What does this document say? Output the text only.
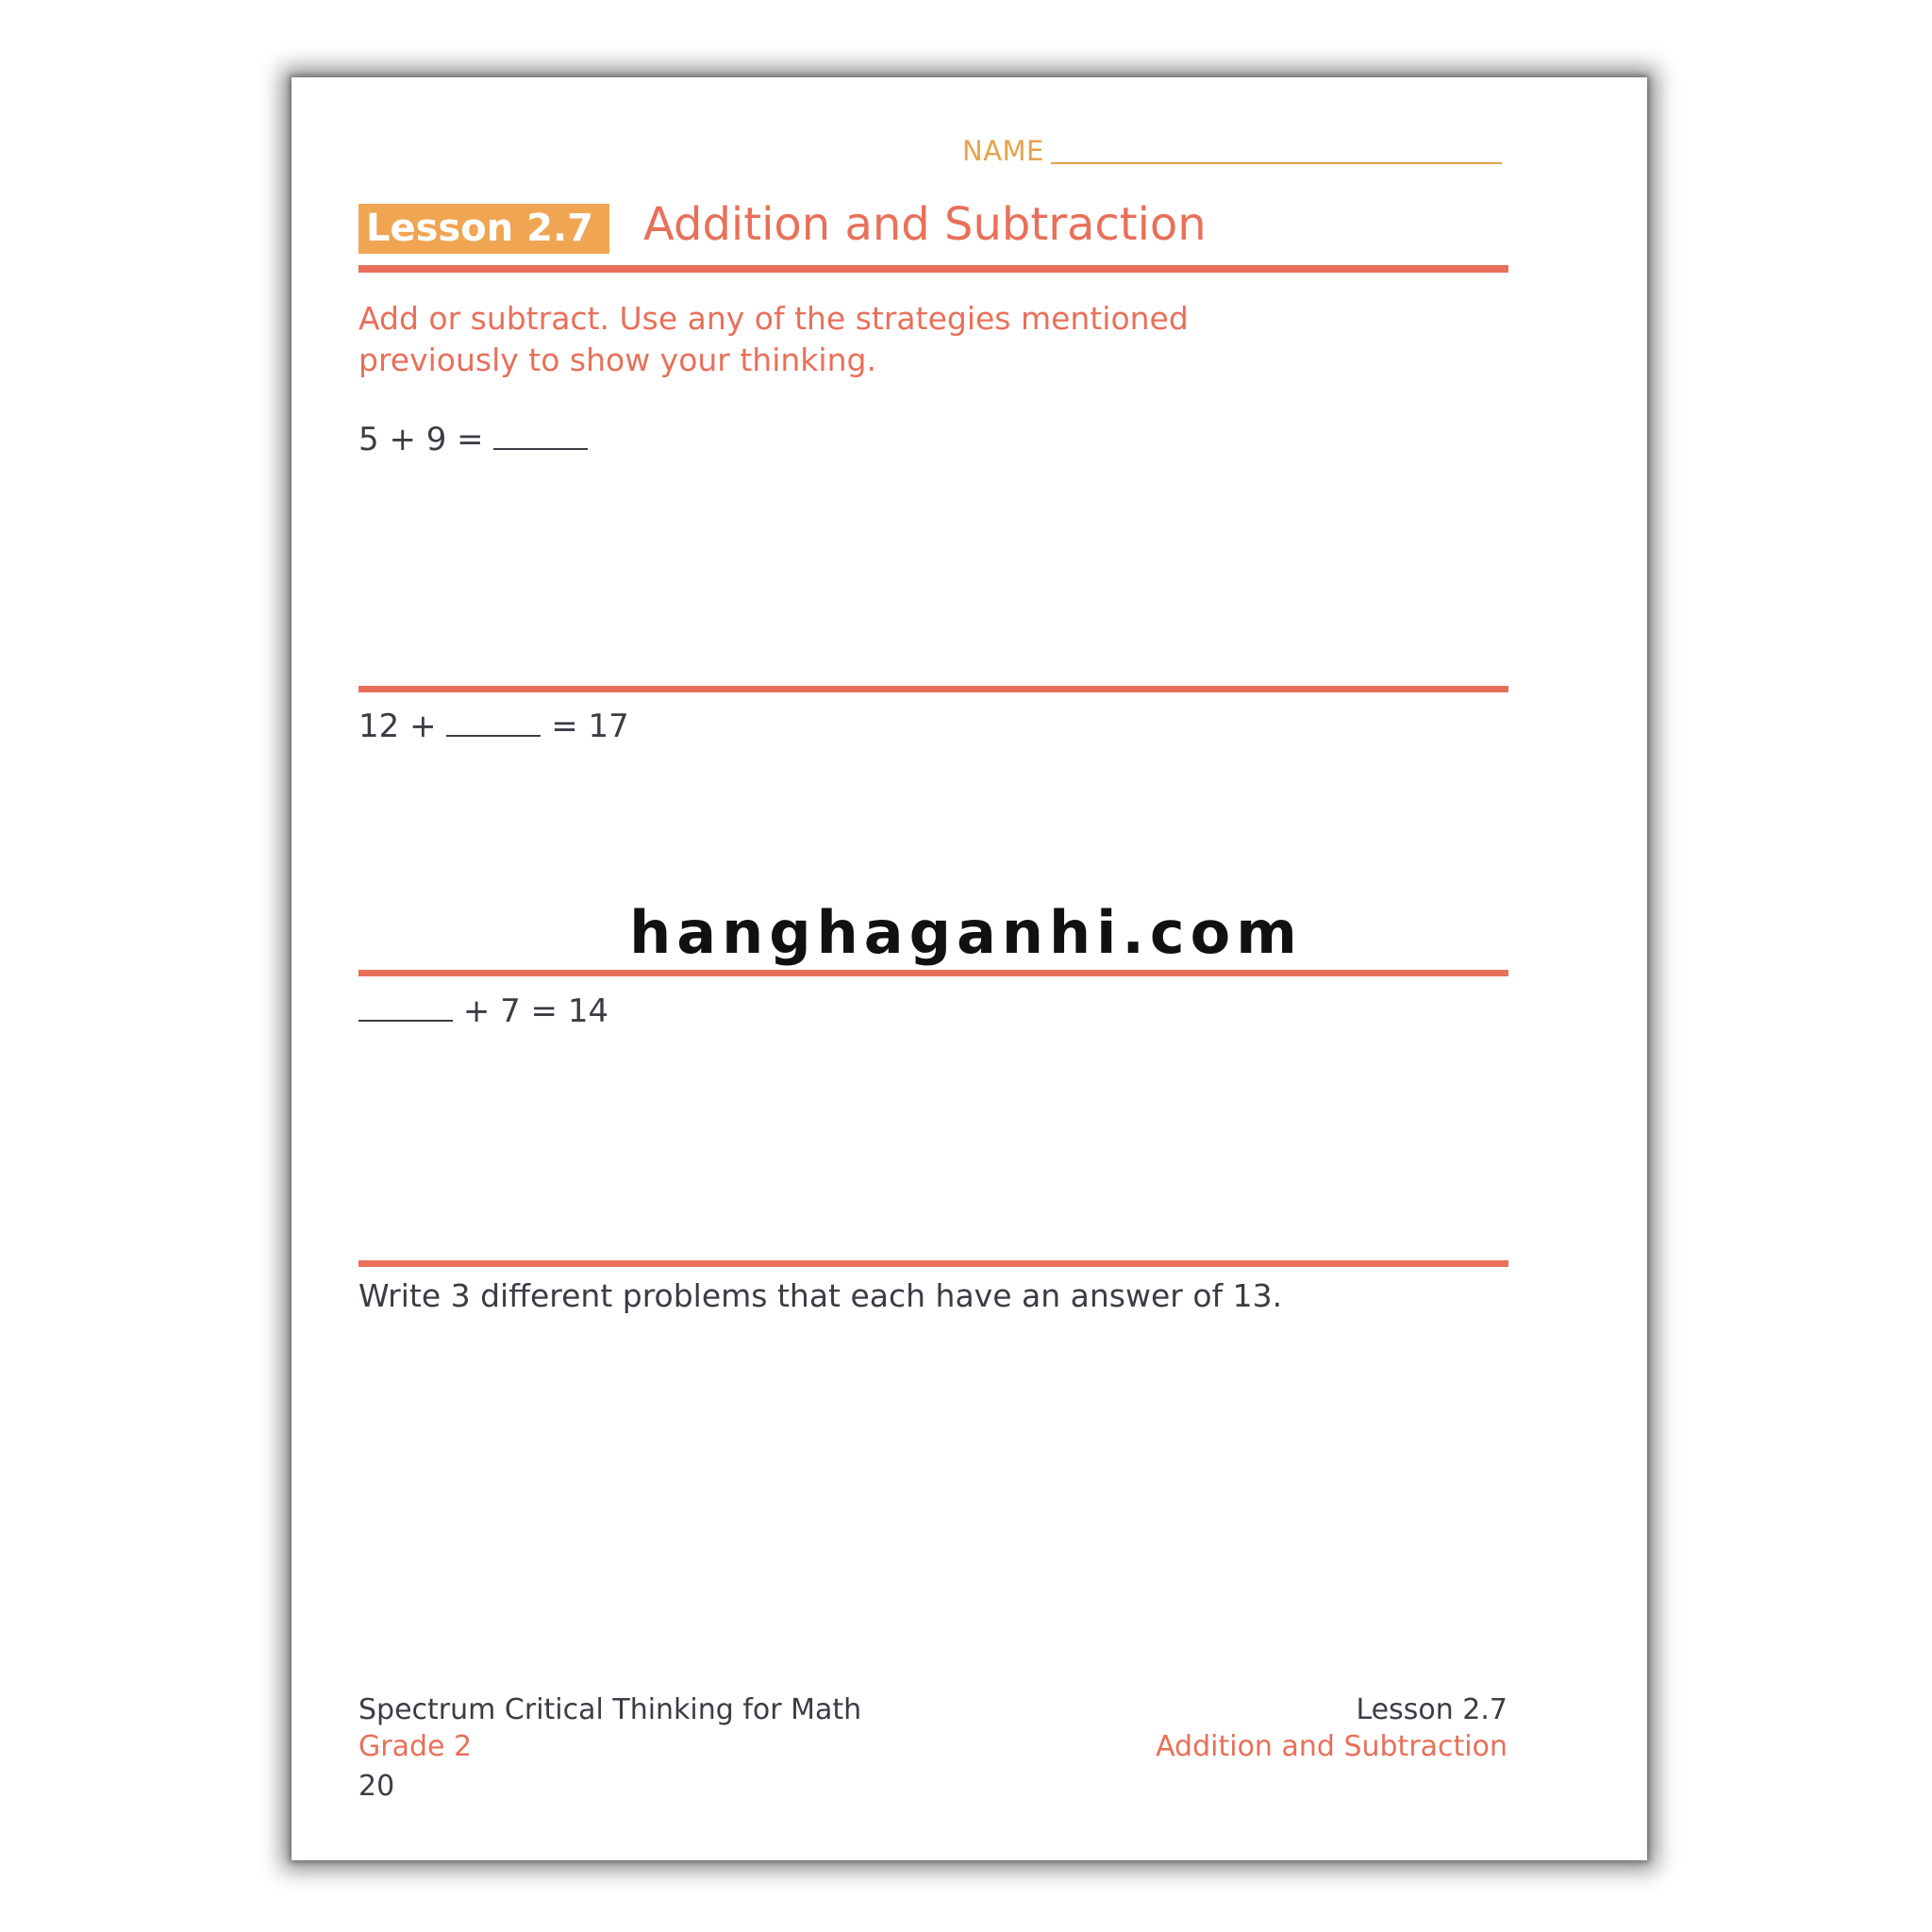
NAME
Lesson 2.7	Addition and Subtraction
Add or subtract. Use any of the strategies mentioned previously to show your thinking.
5 + 9 =
12 +	= 17
hanghaganhi.com
+ 7 = 14
Write 3 different problems that each have an answer of 13.
Spectrum Critical Thinking for Math
Grade 2
20
Lesson 2.7
Addition and Subtraction
